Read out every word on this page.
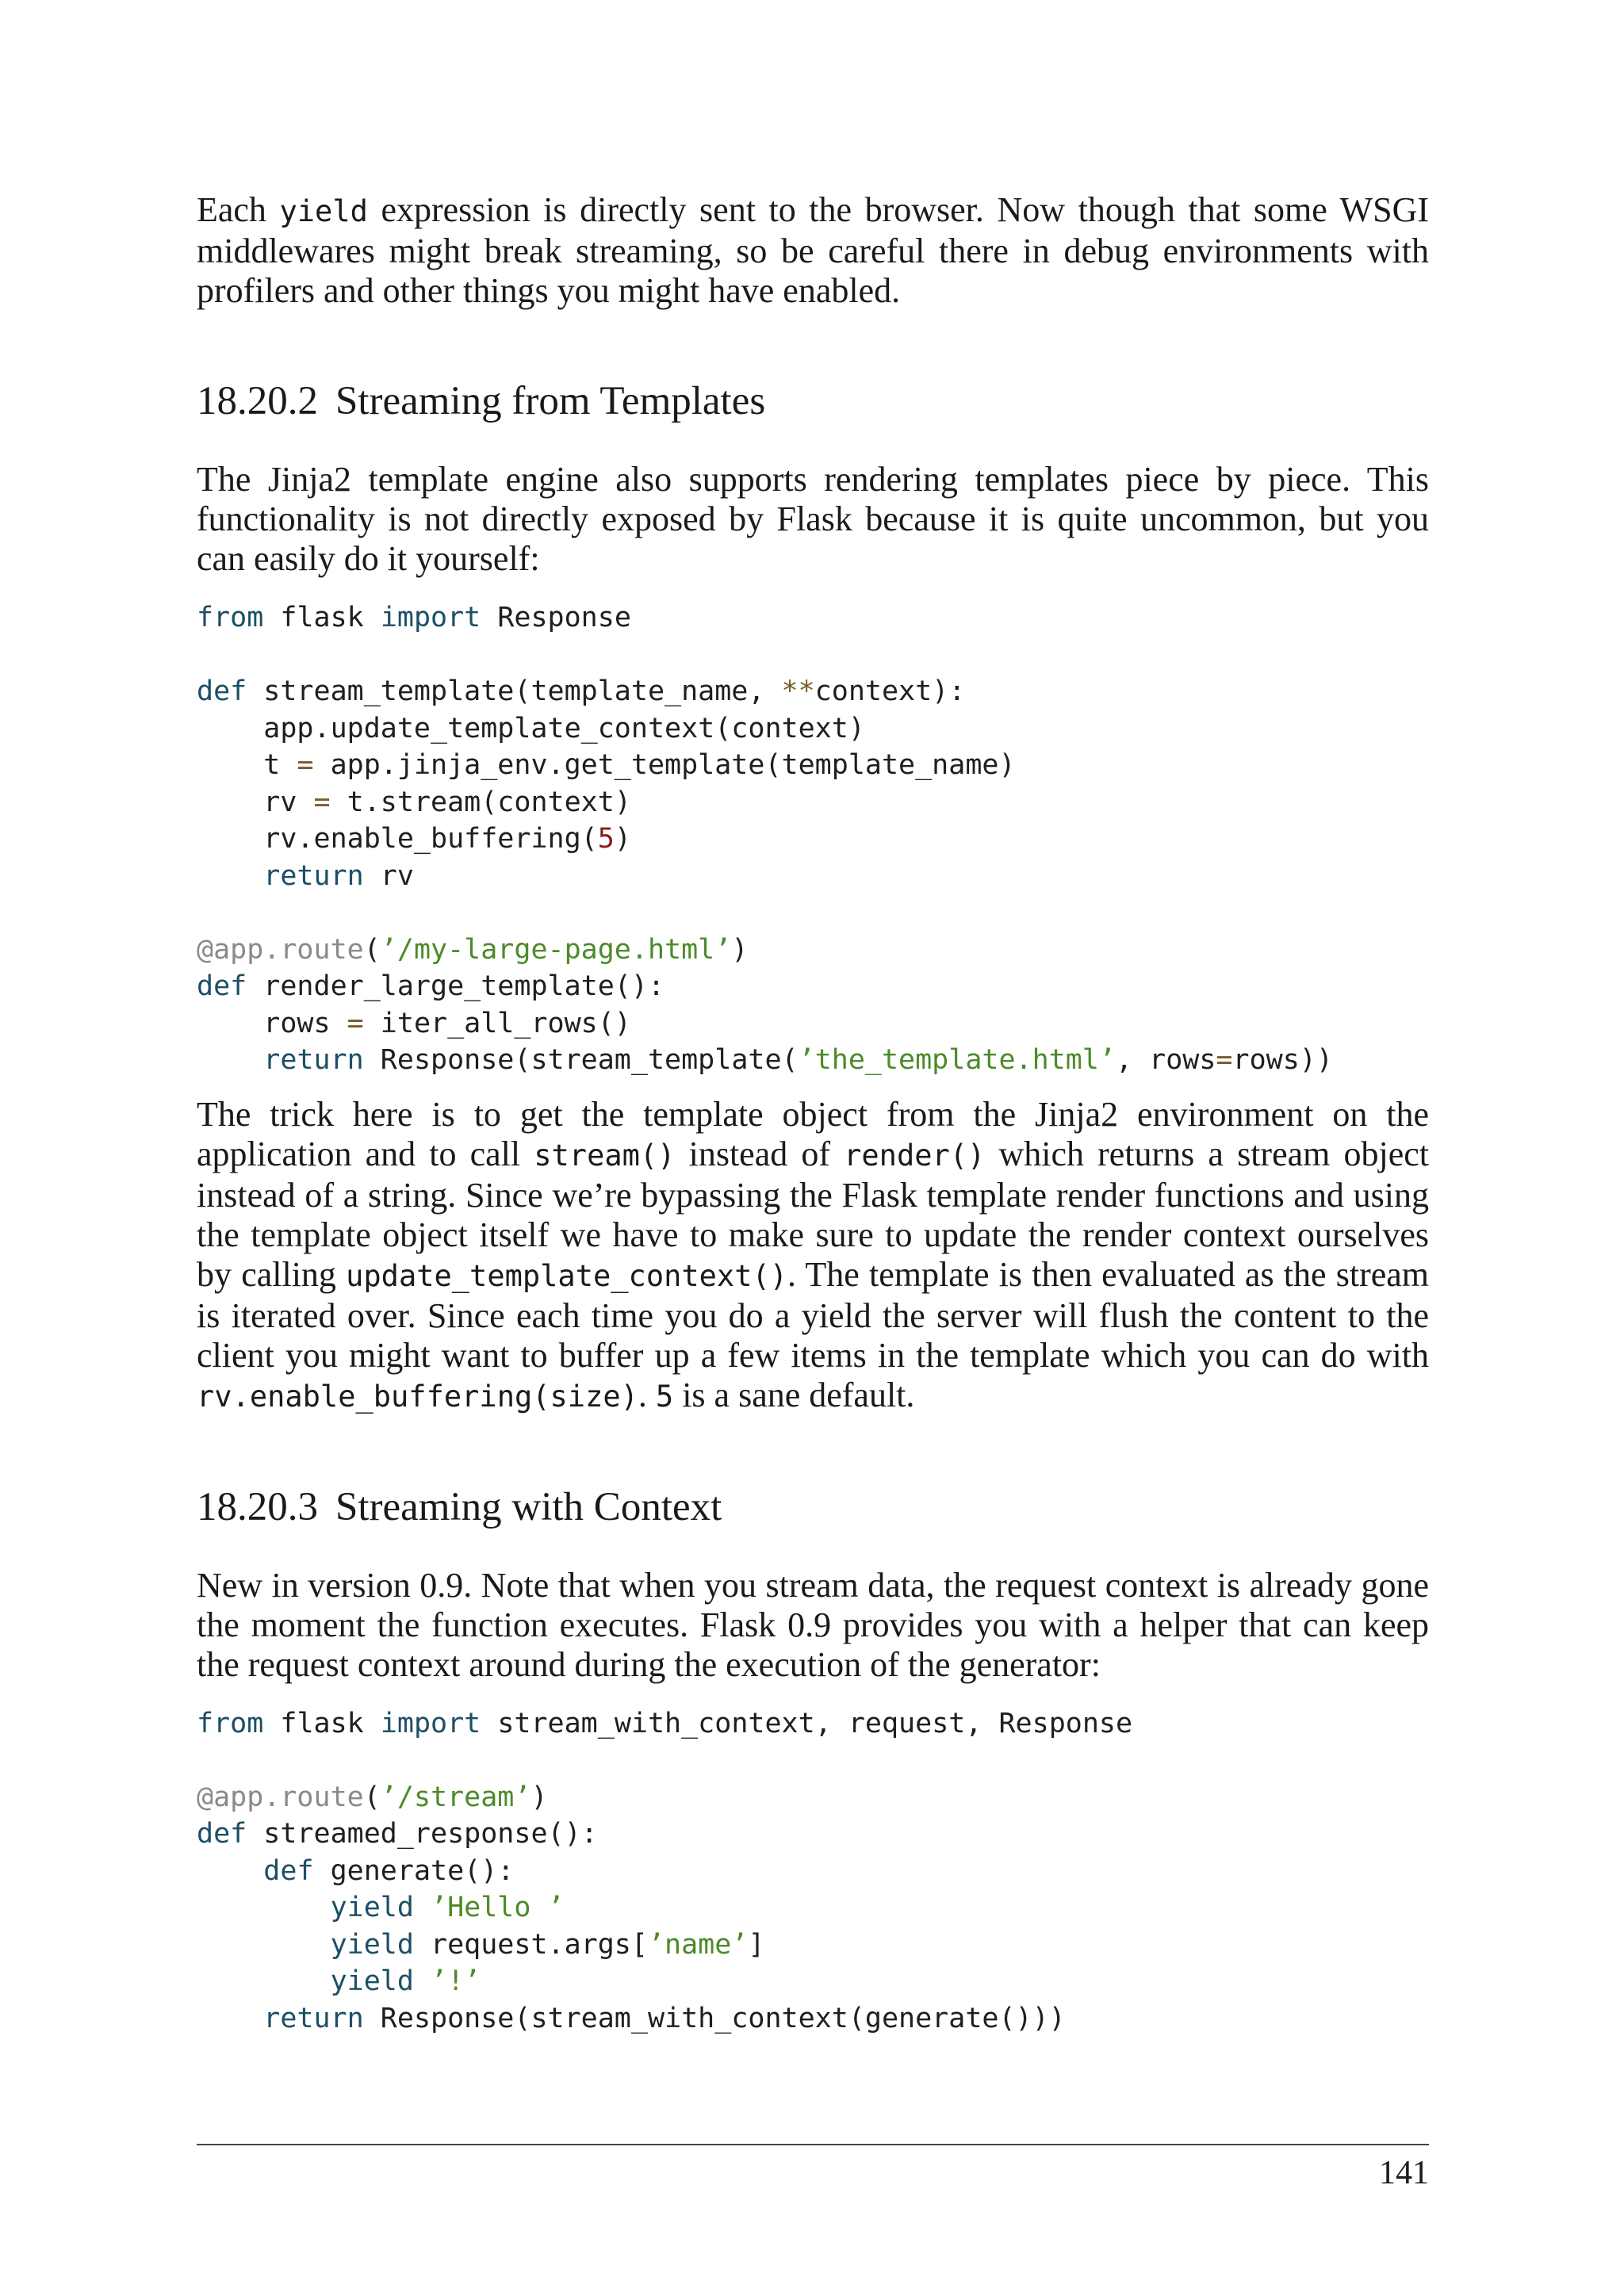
Each yield expression is directly sent to the browser. Now though that some WSGI middlewares might break streaming, so be careful there in debug environments with profilers and other things you might have enabled.

18.20.2 Streaming from Templates

The Jinja2 template engine also supports rendering templates piece by piece. This functionality is not directly exposed by Flask because it is quite uncommon, but you can easily do it yourself:

from flask import Response

def stream_template(template_name, **context):
app.update_template_context(context)
t = app.jinja_env.get_template(template_name)
rv = t.stream(context)
rv.enable_buffering(5)
return rv

@app.route(’/my-large-page.html’)
def render_large_template():
rows = iter_all_rows()
return Response(stream_template(’the_template.html’, rows=rows))

The trick here is to get the template object from the Jinja2 environment on the application and to call stream() instead of render() which returns a stream object instead of a string. Since we’re bypassing the Flask template render functions and using the template object itself we have to make sure to update the render context ourselves by calling update_template_context(). The template is then evaluated as the stream is iterated over. Since each time you do a yield the server will flush the content to the client you might want to buffer up a few items in the template which you can do with rv.enable_buffering(size). 5 is a sane default.

18.20.3 Streaming with Context

New in version 0.9. Note that when you stream data, the request context is already gone the moment the function executes. Flask 0.9 provides you with a helper that can keep the request context around during the execution of the generator:

from flask import stream_with_context, request, Response

@app.route(’/stream’)
def streamed_response():
def generate():
yield ’Hello ’
yield request.args[’name’]
yield ’!’
return Response(stream_with_context(generate()))
141
